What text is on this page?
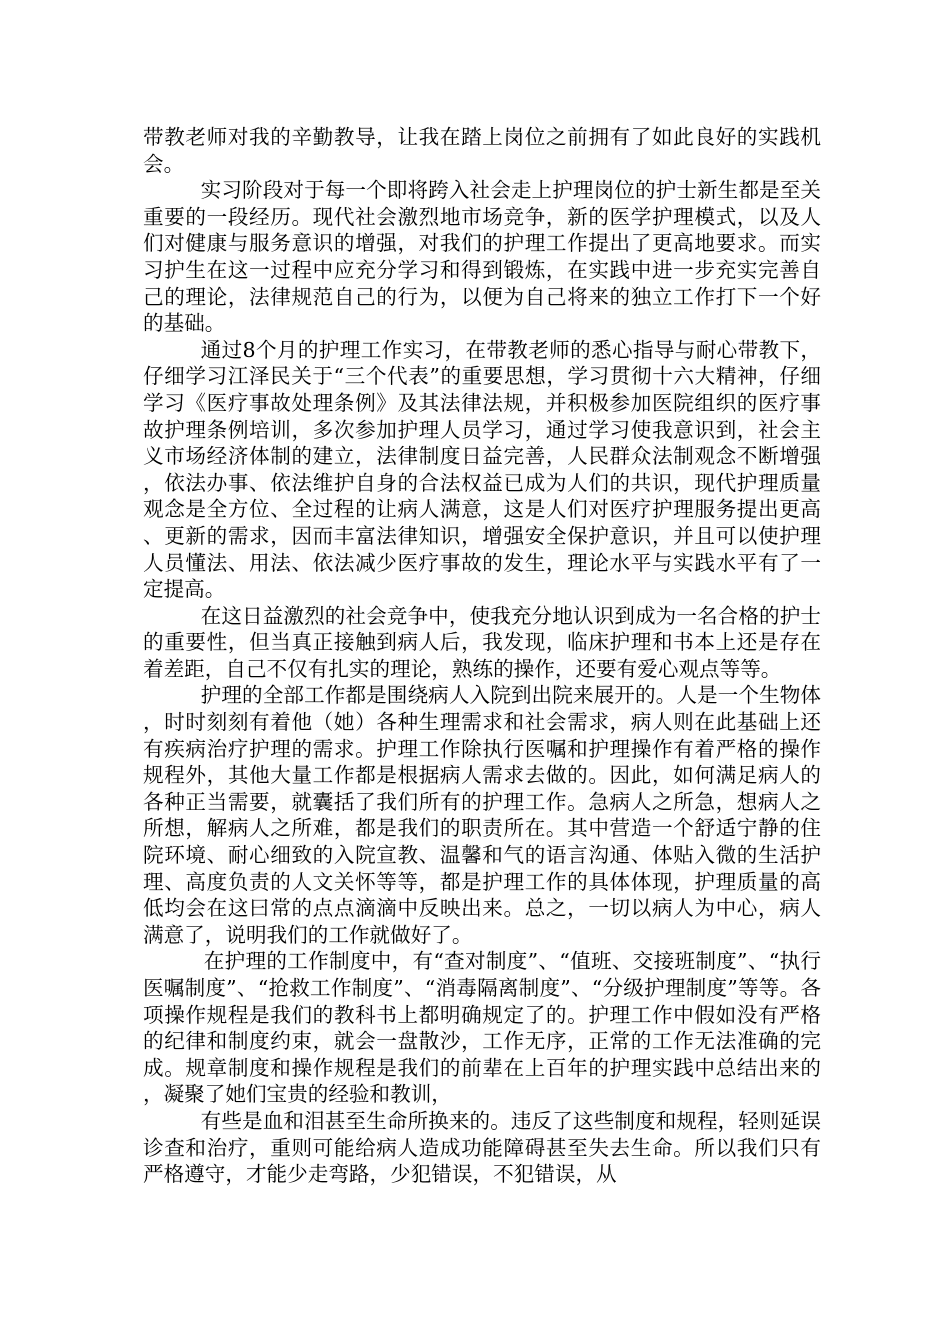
带教老师对我的辛勤教导，让我在踏上岗位之前拥有了如此良好的实践机会。

实习阶段对于每一个即将跨入社会走上护理岗位的护士新生都是至关重要的一段经历。现代社会激烈地市场竞争，新的医学护理模式，以及人们对健康与服务意识的增强，对我们的护理工作提出了更高地要求。而实习护生在这一过程中应充分学习和得到锻炼，在实践中进一步充实完善自己的理论，法律规范自己的行为，以便为自己将来的独立工作打下一个好的基础。

通过8个月的护理工作实习，在带教老师的悉心指导与耐心带教下，仔细学习江泽民关于“三个代表”的重要思想，学习贯彻十六大精神，仔细学习《医疗事故处理条例》及其法律法规，并积极参加医院组织的医疗事故护理条例培训，多次参加护理人员学习，通过学习使我意识到，社会主义市场经济体制的建立，法律制度日益完善，人民群众法制观念不断增强，依法办事、依法维护自身的合法权益已成为人们的共识，现代护理质量观念是全方位、全过程的让病人满意，这是人们对医疗护理服务提出更高、更新的需求，因而丰富法律知识，增强安全保护意识，并且可以使护理人员懂法、用法、依法减少医疗事故的发生，理论水平与实践水平有了一定提高。

在这日益激烈的社会竞争中，使我充分地认识到成为一名合格的护士的重要性，但当真正接触到病人后，我发现，临床护理和书本上还是存在着差距，自己不仅有扎实的理论，熟练的操作，还要有爱心观点等等。

护理的全部工作都是围绕病人入院到出院来展开的。人是一个生物体，时时刻刻有着他（她）各种生理需求和社会需求，病人则在此基础上还有疾病治疗护理的需求。护理工作除执行医嘱和护理操作有着严格的操作规程外，其他大量工作都是根据病人需求去做的。因此，如何满足病人的各种正当需要，就囊括了我们所有的护理工作。急病人之所急，想病人之所想，解病人之所难，都是我们的职责所在。其中营造一个舒适宁静的住院环境、耐心细致的入院宣教、温馨和气的语言沟通、体贴入微的生活护理、高度负责的人文关怀等等，都是护理工作的具体体现，护理质量的高低均会在这曰常的点点滴滴中反映出来。总之，一切以病人为中心，病人满意了，说明我们的工作就做好了。

在护理的工作制度中，有“查对制度”、“值班、交接班制度”、“执行医嘱制度”、“抢救工作制度”、“消毒隔离制度”、“分级护理制度”等等。各项操作规程是我们的教科书上都明确规定了的。护理工作中假如没有严格的纪律和制度约束，就会一盘散沙，工作无序，正常的工作无法准确的完成。规章制度和操作规程是我们的前辈在上百年的护理实践中总结出来的，凝聚了她们宝贵的经验和教训，

有些是血和泪甚至生命所换来的。违反了这些制度和规程，轻则延误诊查和治疗，重则可能给病人造成功能障碍甚至失去生命。所以我们只有严格遵守，才能少走弯路，少犯错误，不犯错误，从
